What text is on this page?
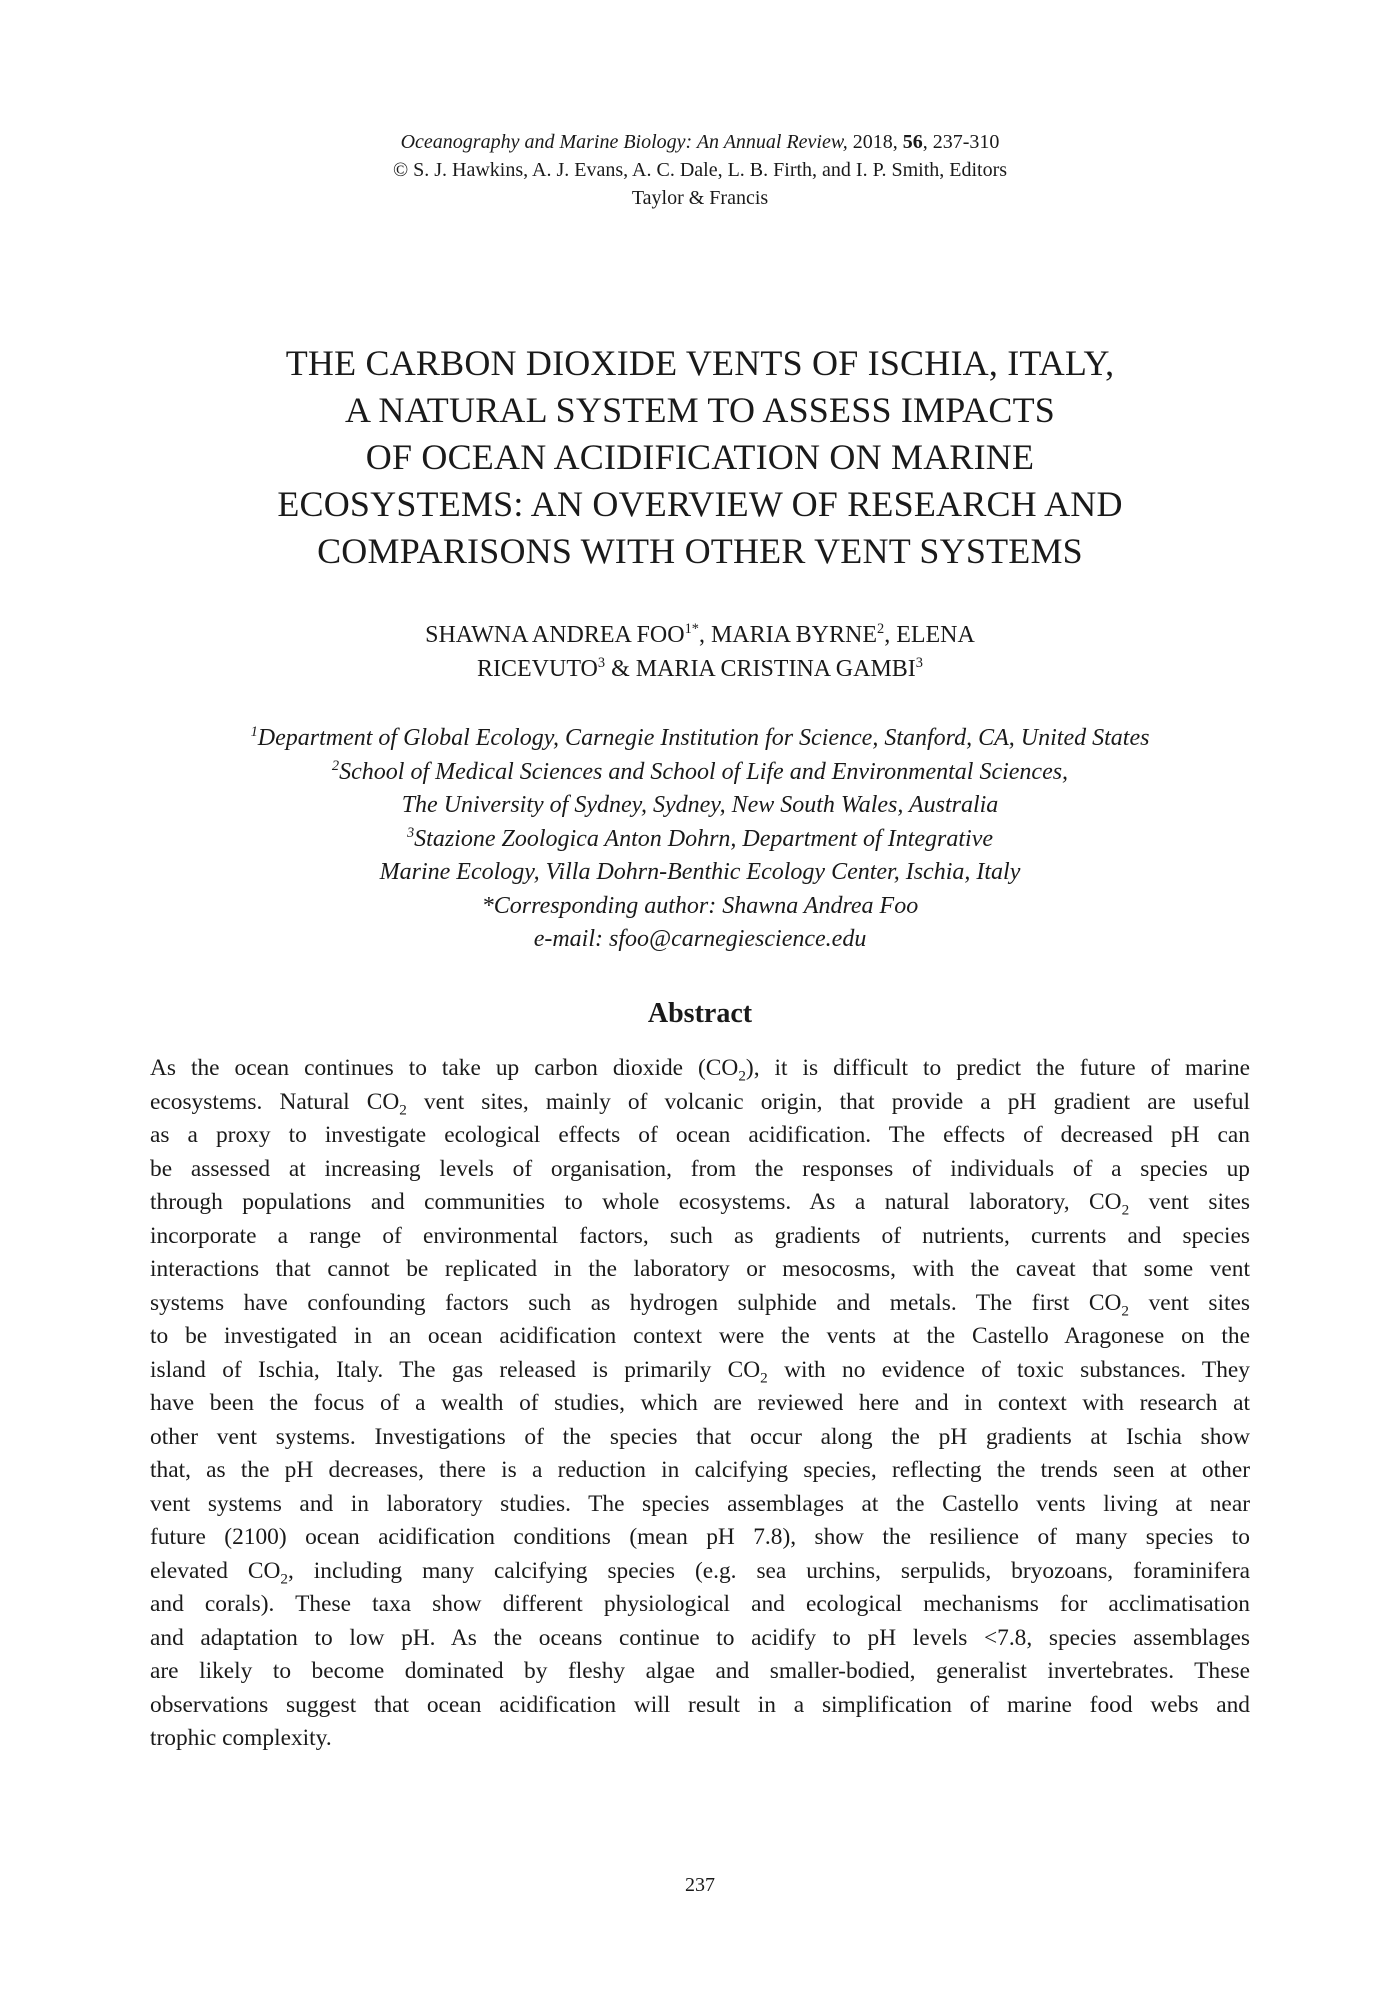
Oceanography and Marine Biology: An Annual Review, 2018, 56, 237-310
© S. J. Hawkins, A. J. Evans, A. C. Dale, L. B. Firth, and I. P. Smith, Editors
Taylor & Francis
THE CARBON DIOXIDE VENTS OF ISCHIA, ITALY,
A NATURAL SYSTEM TO ASSESS IMPACTS
OF OCEAN ACIDIFICATION ON MARINE
ECOSYSTEMS: AN OVERVIEW OF RESEARCH AND
COMPARISONS WITH OTHER VENT SYSTEMS
SHAWNA ANDREA $FOO^{1*}$, MARIA BYRNE$^2$, ELENA
RICEVUTO$^3$ & MARIA CRISTINA GAMBI$^3$
$^1$Department of Global Ecology, Carnegie Institution for Science, Stanford, CA, United States
$^2$School of Medical Sciences and School of Life and Environmental Sciences,
The University of Sydney, Sydney, New South Wales, Australia
$^3$Stazione Zoologica Anton Dohrn, Department of Integrative
Marine Ecology, Villa Dohrn-Benthic Ecology Center, Ischia, Italy
*Corresponding author: Shawna Andrea Foo
e-mail: sfoo@carnegiescience.edu
Abstract
As the ocean continues to take up carbon dioxide $(CO_2)$, it is difficult to predict the future of marine
ecosystems. Natural $CO_2$ vent sites, mainly of volcanic origin, that provide a pH gradient are useful
as a proxy to investigate ecological effects of ocean acidification. The effects of decreased pH can
be assessed at increasing levels of organisation, from the responses of individuals of a species up
through populations and communities to whole ecosystems. As a natural laboratory, $CO_2$ vent sites
incorporate a range of environmental factors, such as gradients of nutrients, currents and species
interactions that cannot be replicated in the laboratory or mesocosms, with the caveat that some vent
systems have confounding factors such as hydrogen sulphide and metals. The first $CO_2$ vent sites
to be investigated in an ocean acidification context were the vents at the Castello Aragonese on the
island of Ischia, Italy. The gas released is primarily $CO_2$ with no evidence of toxic substances. They
have been the focus of a wealth of studies, which are reviewed here and in context with research at
other vent systems. Investigations of the species that occur along the pH gradients at Ischia show
that, as the pH decreases, there is a reduction in calcifying species, reflecting the trends seen at other
vent systems and in laboratory studies. The species assemblages at the Castello vents living at near
future (2100) ocean acidification conditions (mean pH 7.8), show the resilience of many species to
elevated $CO_2$, including many calcifying species (e.g. sea urchins, serpulids, bryozoans, foraminifera
and corals). These taxa show different physiological and ecological mechanisms for acclimatisation
and adaptation to low pH. As the oceans continue to acidify to pH levels <7.8, species assemblages
are likely to become dominated by fleshy algae and smaller-bodied, generalist invertebrates. These
observations suggest that ocean acidification will result in a simplification of marine food webs and
trophic complexity.
237
